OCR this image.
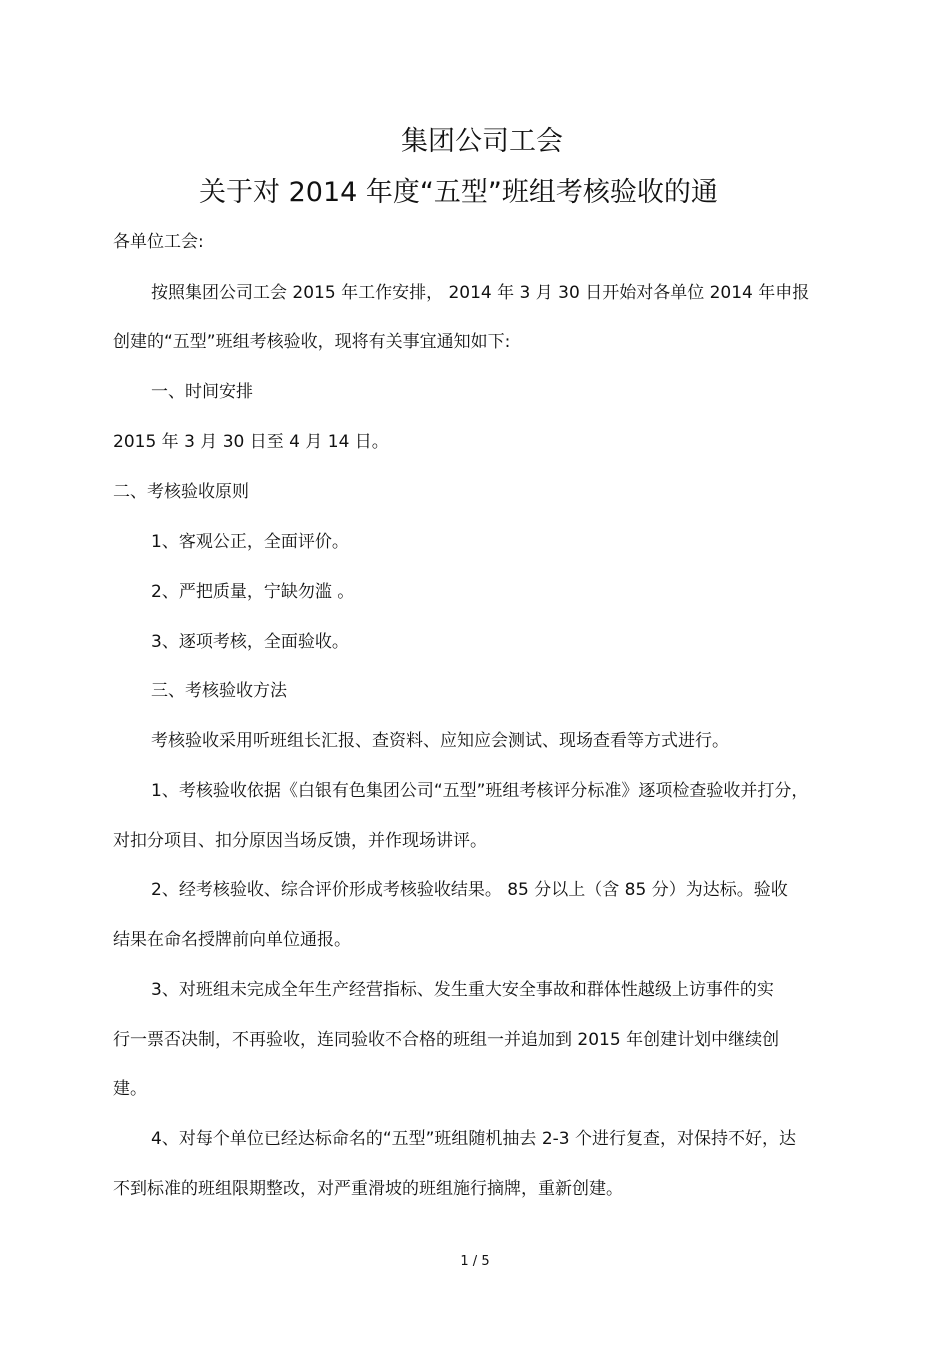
集团公司工会
关于对 2014 年度“五型”班组考核验收的通
各单位工会:
按照集团公司工会 2015 年工作安排， 2014 年 3 月 30 日开始对各单位 2014 年申报
创建的“五型”班组考核验收，现将有关事宜通知如下:
一、时间安排
2015 年 3 月 30 日至 4 月 14 日。
二、考核验收原则
1、客观公正，全面评价。
2、严把质量，宁缺勿滥 。
3、逐项考核，全面验收。
三、考核验收方法
考核验收采用听班组长汇报、查资料、应知应会测试、现场查看等方式进行。
1、考核验收依据《白银有色集团公司“五型”班组考核评分标准》逐项检查验收并打分，
对扣分项目、扣分原因当场反馈，并作现场讲评。
2、经考核验收、综合评价形成考核验收结果。 85 分以上（含 85 分）为达标。验收
结果在命名授牌前向单位通报。
3、对班组未完成全年生产经营指标、发生重大安全事故和群体性越级上访事件的实
行一票否决制，不再验收，连同验收不合格的班组一并追加到 2015 年创建计划中继续创
建。
4、对每个单位已经达标命名的“五型”班组随机抽去 2-3 个进行复查，对保持不好，达
不到标准的班组限期整改，对严重滑坡的班组施行摘牌，重新创建。
1 / 5
